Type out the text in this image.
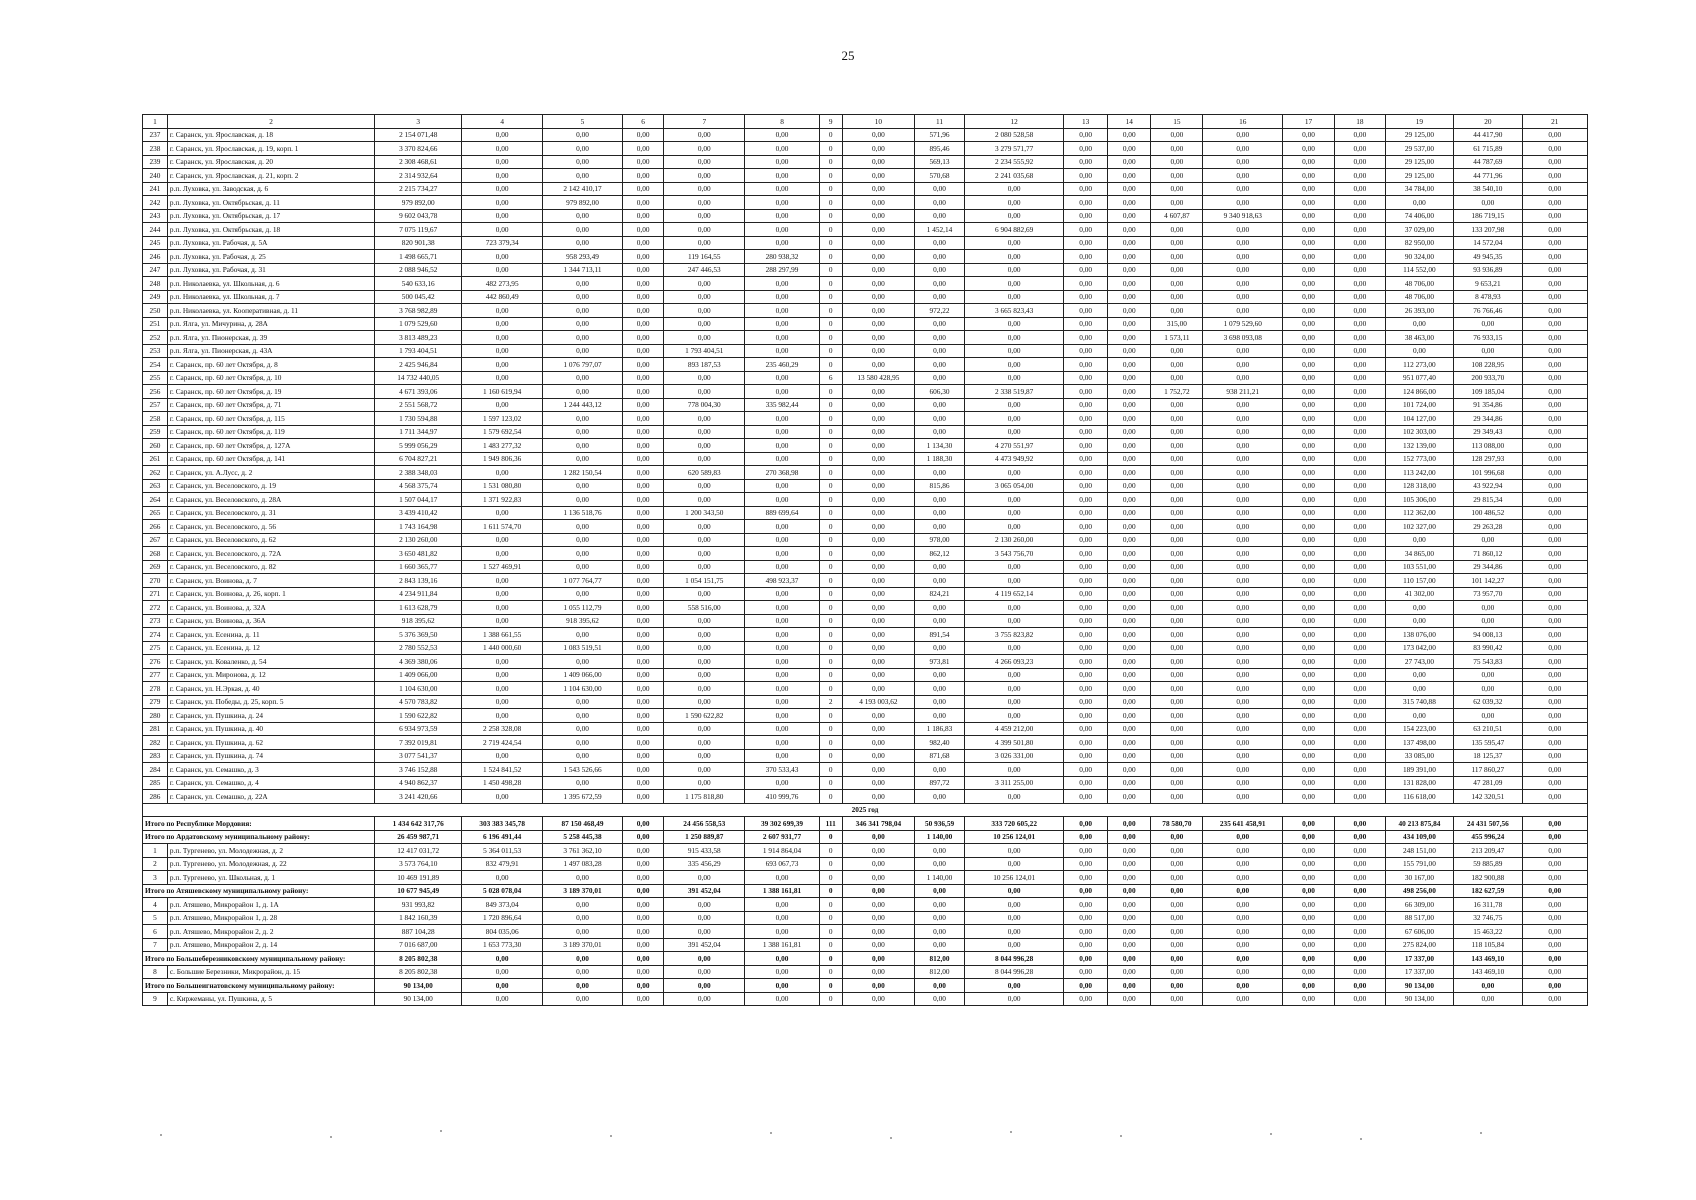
25
1	2	3	4	5	6	7	8	9	10	11	12	13	14	15	16	17	18	19	20	21
237	г. Саранск, ул. Ярославская, д. 18	2 154 071,48	0,00	0,00	0,00	0,00	0,00	0	0,00	571,96	2 080 528,58	0,00	0,00	0,00	0,00	0,00	0,00	29 125,00	44 417,90	0,00
238	г. Саранск, ул. Ярославская, д. 19, корп. 1	3 370 824,66	0,00	0,00	0,00	0,00	0,00	0	0,00	895,46	3 279 571,77	0,00	0,00	0,00	0,00	0,00	0,00	29 537,00	61 715,89	0,00
239	г. Саранск, ул. Ярославская, д. 20	2 308 468,61	0,00	0,00	0,00	0,00	0,00	0	0,00	569,13	2 234 555,92	0,00	0,00	0,00	0,00	0,00	0,00	29 125,00	44 787,69	0,00
240	г. Саранск, ул. Ярославская, д. 21, корп. 2	2 314 932,64	0,00	0,00	0,00	0,00	0,00	0	0,00	570,68	2 241 035,68	0,00	0,00	0,00	0,00	0,00	0,00	29 125,00	44 771,96	0,00
241	р.п. Луховка, ул. Заводская, д. 6	2 215 734,27	0,00	2 142 410,17	0,00	0,00	0,00	0	0,00	0,00	0,00	0,00	0,00	0,00	0,00	0,00	0,00	34 784,00	38 540,10	0,00
242	р.п. Луховка, ул. Октябрьская, д. 11	979 892,00	0,00	979 892,00	0,00	0,00	0,00	0	0,00	0,00	0,00	0,00	0,00	0,00	0,00	0,00	0,00	0,00	0,00	0,00
243	р.п. Луховка, ул. Октябрьская, д. 17	9 602 043,78	0,00	0,00	0,00	0,00	0,00	0	0,00	0,00	0,00	0,00	0,00	4 607,87	9 340 918,63	0,00	0,00	74 406,00	186 719,15	0,00
244	р.п. Луховка, ул. Октябрьская, д. 18	7 075 119,67	0,00	0,00	0,00	0,00	0,00	0	0,00	1 452,14	6 904 882,69	0,00	0,00	0,00	0,00	0,00	0,00	37 029,00	133 207,98	0,00
245	р.п. Луховка, ул. Рабочая, д. 5А	820 901,38	723 379,34	0,00	0,00	0,00	0,00	0	0,00	0,00	0,00	0,00	0,00	0,00	0,00	0,00	0,00	82 950,00	14 572,04	0,00
246	р.п. Луховка, ул. Рабочая, д. 25	1 498 665,71	0,00	958 293,49	0,00	119 164,55	280 938,32	0	0,00	0,00	0,00	0,00	0,00	0,00	0,00	0,00	0,00	90 324,00	49 945,35	0,00
247	р.п. Луховка, ул. Рабочая, д. 31	2 088 946,52	0,00	1 344 713,11	0,00	247 446,53	288 297,99	0	0,00	0,00	0,00	0,00	0,00	0,00	0,00	0,00	0,00	114 552,00	93 936,89	0,00
248	р.п. Николаевка, ул. Школьная, д. 6	540 633,16	482 273,95	0,00	0,00	0,00	0,00	0	0,00	0,00	0,00	0,00	0,00	0,00	0,00	0,00	0,00	48 706,00	9 653,21	0,00
249	р.п. Николаевка, ул. Школьная, д. 7	500 045,42	442 860,49	0,00	0,00	0,00	0,00	0	0,00	0,00	0,00	0,00	0,00	0,00	0,00	0,00	0,00	48 706,00	8 478,93	0,00
250	р.п. Николаевка, ул. Кооперативная, д. 11	3 768 982,89	0,00	0,00	0,00	0,00	0,00	0	0,00	972,22	3 665 823,43	0,00	0,00	0,00	0,00	0,00	0,00	26 393,00	76 766,46	0,00
251	р.п. Ялга, ул. Мичурина, д. 28А	1 079 529,60	0,00	0,00	0,00	0,00	0,00	0	0,00	0,00	0,00	0,00	0,00	315,00	1 079 529,60	0,00	0,00	0,00	0,00	0,00
252	р.п. Ялга, ул. Пионерская, д. 39	3 813 489,23	0,00	0,00	0,00	0,00	0,00	0	0,00	0,00	0,00	0,00	0,00	1 573,11	3 698 093,08	0,00	0,00	38 463,00	76 933,15	0,00
253	р.п. Ялга, ул. Пионерская, д. 43А	1 793 404,51	0,00	0,00	0,00	1 793 404,51	0,00	0	0,00	0,00	0,00	0,00	0,00	0,00	0,00	0,00	0,00	0,00	0,00	0,00
254	г. Саранск, пр. 60 лет Октября, д. 8	2 425 946,84	0,00	1 076 797,07	0,00	893 187,53	235 460,29	0	0,00	0,00	0,00	0,00	0,00	0,00	0,00	0,00	0,00	112 273,00	108 228,95	0,00
255	г. Саранск, пр. 60 лет Октября, д. 10	14 732 440,05	0,00	0,00	0,00	0,00	0,00	6	13 580 428,95	0,00	0,00	0,00	0,00	0,00	0,00	0,00	0,00	951 077,40	200 933,70	0,00
256	г. Саранск, пр. 60 лет Октября, д. 19	4 671 393,06	1 160 619,94	0,00	0,00	0,00	0,00	0	0,00	606,30	2 338 519,87	0,00	0,00	1 752,72	938 211,21	0,00	0,00	124 866,00	109 185,04	0,00
257	г. Саранск, пр. 60 лет Октября, д. 71	2 551 568,72	0,00	1 244 443,12	0,00	778 004,30	335 982,44	0	0,00	0,00	0,00	0,00	0,00	0,00	0,00	0,00	0,00	101 724,00	91 354,86	0,00
258	г. Саранск, пр. 60 лет Октября, д. 115	1 730 594,88	1 597 123,02	0,00	0,00	0,00	0,00	0	0,00	0,00	0,00	0,00	0,00	0,00	0,00	0,00	0,00	104 127,00	29 344,86	0,00
259	г. Саранск, пр. 60 лет Октября, д. 119	1 711 344,97	1 579 692,54	0,00	0,00	0,00	0,00	0	0,00	0,00	0,00	0,00	0,00	0,00	0,00	0,00	0,00	102 303,00	29 349,43	0,00
260	г. Саранск, пр. 60 лет Октября, д. 127А	5 999 056,29	1 483 277,32	0,00	0,00	0,00	0,00	0	0,00	1 134,30	4 270 551,97	0,00	0,00	0,00	0,00	0,00	0,00	132 139,00	113 088,00	0,00
261	г. Саранск, пр. 60 лет Октября, д. 141	6 704 827,21	1 949 806,36	0,00	0,00	0,00	0,00	0	0,00	1 188,30	4 473 949,92	0,00	0,00	0,00	0,00	0,00	0,00	152 773,00	128 297,93	0,00
262	г. Саранск, ул. А.Лусс, д. 2	2 388 348,03	0,00	1 282 150,54	0,00	620 589,83	270 368,98	0	0,00	0,00	0,00	0,00	0,00	0,00	0,00	0,00	0,00	113 242,00	101 996,68	0,00
263	г. Саранск, ул. Веселовского, д. 19	4 568 375,74	1 531 080,80	0,00	0,00	0,00	0,00	0	0,00	815,86	3 065 054,00	0,00	0,00	0,00	0,00	0,00	0,00	128 318,00	43 922,94	0,00
264	г. Саранск, ул. Веселовского, д. 28А	1 507 044,17	1 371 922,83	0,00	0,00	0,00	0,00	0	0,00	0,00	0,00	0,00	0,00	0,00	0,00	0,00	0,00	105 306,00	29 815,34	0,00
265	г. Саранск, ул. Веселовского, д. 31	3 439 410,42	0,00	1 136 518,76	0,00	1 200 343,50	889 699,64	0	0,00	0,00	0,00	0,00	0,00	0,00	0,00	0,00	0,00	112 362,00	100 486,52	0,00
266	г. Саранск, ул. Веселовского, д. 56	1 743 164,98	1 611 574,70	0,00	0,00	0,00	0,00	0	0,00	0,00	0,00	0,00	0,00	0,00	0,00	0,00	0,00	102 327,00	29 263,28	0,00
267	г. Саранск, ул. Веселовского, д. 62	2 130 260,00	0,00	0,00	0,00	0,00	0,00	0	0,00	978,00	2 130 260,00	0,00	0,00	0,00	0,00	0,00	0,00	0,00	0,00	0,00
268	г. Саранск, ул. Веселовского, д. 72А	3 650 481,82	0,00	0,00	0,00	0,00	0,00	0	0,00	862,12	3 543 756,70	0,00	0,00	0,00	0,00	0,00	0,00	34 865,00	71 860,12	0,00
269	г. Саранск, ул. Веселовского, д. 82	1 660 365,77	1 527 469,91	0,00	0,00	0,00	0,00	0	0,00	0,00	0,00	0,00	0,00	0,00	0,00	0,00	0,00	103 551,00	29 344,86	0,00
270	г. Саранск, ул. Воинова, д. 7	2 843 139,16	0,00	1 077 764,77	0,00	1 054 151,75	498 923,37	0	0,00	0,00	0,00	0,00	0,00	0,00	0,00	0,00	0,00	110 157,00	101 142,27	0,00
271	г. Саранск, ул. Воинова, д. 26, корп. 1	4 234 911,84	0,00	0,00	0,00	0,00	0,00	0	0,00	824,21	4 119 652,14	0,00	0,00	0,00	0,00	0,00	0,00	41 302,00	73 957,70	0,00
272	г. Саранск, ул. Воинова, д. 32А	1 613 628,79	0,00	1 055 112,79	0,00	558 516,00	0,00	0	0,00	0,00	0,00	0,00	0,00	0,00	0,00	0,00	0,00	0,00	0,00	0,00
273	г. Саранск, ул. Воинова, д. 36А	918 395,62	0,00	918 395,62	0,00	0,00	0,00	0	0,00	0,00	0,00	0,00	0,00	0,00	0,00	0,00	0,00	0,00	0,00	0,00
274	г. Саранск, ул. Есенина, д. 11	5 376 369,50	1 388 661,55	0,00	0,00	0,00	0,00	0	0,00	891,54	3 755 823,82	0,00	0,00	0,00	0,00	0,00	0,00	138 076,00	94 008,13	0,00
275	г. Саранск, ул. Есенина, д. 12	2 780 552,53	1 440 000,60	1 083 519,51	0,00	0,00	0,00	0	0,00	0,00	0,00	0,00	0,00	0,00	0,00	0,00	0,00	173 042,00	83 990,42	0,00
276	г. Саранск, ул. Коваленко, д. 54	4 369 380,06	0,00	0,00	0,00	0,00	0,00	0	0,00	973,81	4 266 093,23	0,00	0,00	0,00	0,00	0,00	0,00	27 743,00	75 543,83	0,00
277	г. Саранск, ул. Миронова, д. 12	1 409 066,00	0,00	1 409 066,00	0,00	0,00	0,00	0	0,00	0,00	0,00	0,00	0,00	0,00	0,00	0,00	0,00	0,00	0,00	0,00
278	г. Саранск, ул. Н.Эркая, д. 40	1 104 630,00	0,00	1 104 630,00	0,00	0,00	0,00	0	0,00	0,00	0,00	0,00	0,00	0,00	0,00	0,00	0,00	0,00	0,00	0,00
279	г. Саранск, ул. Победы, д. 25, корп. 5	4 570 783,82	0,00	0,00	0,00	0,00	0,00	2	4 193 003,62	0,00	0,00	0,00	0,00	0,00	0,00	0,00	0,00	315 740,88	62 039,32	0,00
280	г. Саранск, ул. Пушкина, д. 24	1 590 622,82	0,00	0,00	0,00	1 590 622,82	0,00	0	0,00	0,00	0,00	0,00	0,00	0,00	0,00	0,00	0,00	0,00	0,00	0,00
281	г. Саранск, ул. Пушкина, д. 40	6 934 973,59	2 258 328,08	0,00	0,00	0,00	0,00	0	0,00	1 186,83	4 459 212,00	0,00	0,00	0,00	0,00	0,00	0,00	154 223,00	63 210,51	0,00
282	г. Саранск, ул. Пушкина, д. 62	7 392 019,81	2 719 424,54	0,00	0,00	0,00	0,00	0	0,00	982,40	4 399 501,80	0,00	0,00	0,00	0,00	0,00	0,00	137 498,00	135 595,47	0,00
283	г. Саранск, ул. Пушкина, д. 74	3 077 541,37	0,00	0,00	0,00	0,00	0,00	0	0,00	871,68	3 026 331,00	0,00	0,00	0,00	0,00	0,00	0,00	33 085,00	18 125,37	0,00
284	г. Саранск, ул. Семашко, д. 3	3 746 152,88	1 524 841,52	1 543 526,66	0,00	0,00	370 533,43	0	0,00	0,00	0,00	0,00	0,00	0,00	0,00	0,00	0,00	189 391,00	117 860,27	0,00
285	г. Саранск, ул. Семашко, д. 4	4 940 862,37	1 450 498,28	0,00	0,00	0,00	0,00	0	0,00	897,72	3 311 255,00	0,00	0,00	0,00	0,00	0,00	0,00	131 828,00	47 281,09	0,00
286	г. Саранск, ул. Семашко, д. 22А	3 241 420,66	0,00	1 395 672,59	0,00	1 175 818,80	410 999,76	0	0,00	0,00	0,00	0,00	0,00	0,00	0,00	0,00	0,00	116 618,00	142 320,51	0,00
2025 год																				
Итого по Республике Мордовия:		1 434 642 317,76	303 383 345,78	87 150 468,49	0,00	24 456 558,53	39 302 699,39	111	346 341 798,04	50 936,59	333 720 605,22	0,00	0,00	78 580,70	235 641 458,91	0,00	0,00	40 213 875,84	24 431 507,56	0,00
Итого по Ардатовскому муниципальному району:		26 459 987,71	6 196 491,44	5 258 445,38	0,00	1 250 889,87	2 607 931,77	0	0,00	1 140,00	10 256 124,01	0,00	0,00	0,00	0,00	0,00	0,00	434 109,00	455 996,24	0,00
1	р.п. Тургенево, ул. Молодежная, д. 2	12 417 031,72	5 364 011,53	3 761 362,10	0,00	915 433,58	1 914 864,04	0	0,00	0,00	0,00	0,00	0,00	0,00	0,00	0,00	0,00	248 151,00	213 209,47	0,00
2	р.п. Тургенево, ул. Молодежная, д. 22	3 573 764,10	832 479,91	1 497 083,28	0,00	335 456,29	693 067,73	0	0,00	0,00	0,00	0,00	0,00	0,00	0,00	0,00	0,00	155 791,00	59 885,89	0,00
3	р.п. Тургенево, ул. Школьная, д. 1	10 469 191,89	0,00	0,00	0,00	0,00	0,00	0	0,00	1 140,00	10 256 124,01	0,00	0,00	0,00	0,00	0,00	0,00	30 167,00	182 900,88	0,00
Итого по Атяшевскому муниципальному району:		10 677 945,49	5 028 078,04	3 189 370,01	0,00	391 452,04	1 388 161,81	0	0,00	0,00	0,00	0,00	0,00	0,00	0,00	0,00	0,00	498 256,00	182 627,59	0,00
4	р.п. Атяшево, Микрорайон 1, д. 1А	931 993,82	849 373,04	0,00	0,00	0,00	0,00	0	0,00	0,00	0,00	0,00	0,00	0,00	0,00	0,00	0,00	66 309,00	16 311,78	0,00
5	р.п. Атяшево, Микрорайон 1, д. 28	1 842 160,39	1 720 896,64	0,00	0,00	0,00	0,00	0	0,00	0,00	0,00	0,00	0,00	0,00	0,00	0,00	0,00	88 517,00	32 746,75	0,00
6	р.п. Атяшево, Микрорайон 2, д. 2	887 104,28	804 035,06	0,00	0,00	0,00	0,00	0	0,00	0,00	0,00	0,00	0,00	0,00	0,00	0,00	0,00	67 606,00	15 463,22	0,00
7	р.п. Атяшево, Микрорайон 2, д. 14	7 016 687,00	1 653 773,30	3 189 370,01	0,00	391 452,04	1 388 161,81	0	0,00	0,00	0,00	0,00	0,00	0,00	0,00	0,00	0,00	275 824,00	118 105,84	0,00
Итого по Большеберезниковскому муниципальному району:		8 205 802,38	0,00	0,00	0,00	0,00	0,00	0	0,00	812,00	8 044 996,28	0,00	0,00	0,00	0,00	0,00	0,00	17 337,00	143 469,10	0,00
8	с. Большие Березники, Микрорайон, д. 15	8 205 802,38	0,00	0,00	0,00	0,00	0,00	0	0,00	812,00	8 044 996,28	0,00	0,00	0,00	0,00	0,00	0,00	17 337,00	143 469,10	0,00
Итого по Большеигнатовскому муниципальному району:		90 134,00	0,00	0,00	0,00	0,00	0,00	0	0,00	0,00	0,00	0,00	0,00	0,00	0,00	0,00	0,00	90 134,00	0,00	0,00
9	с. Киржеманы, ул. Пушкина, д. 5	90 134,00	0,00	0,00	0,00	0,00	0,00	0	0,00	0,00	0,00	0,00	0,00	0,00	0,00	0,00	0,00	90 134,00	0,00	0,00
